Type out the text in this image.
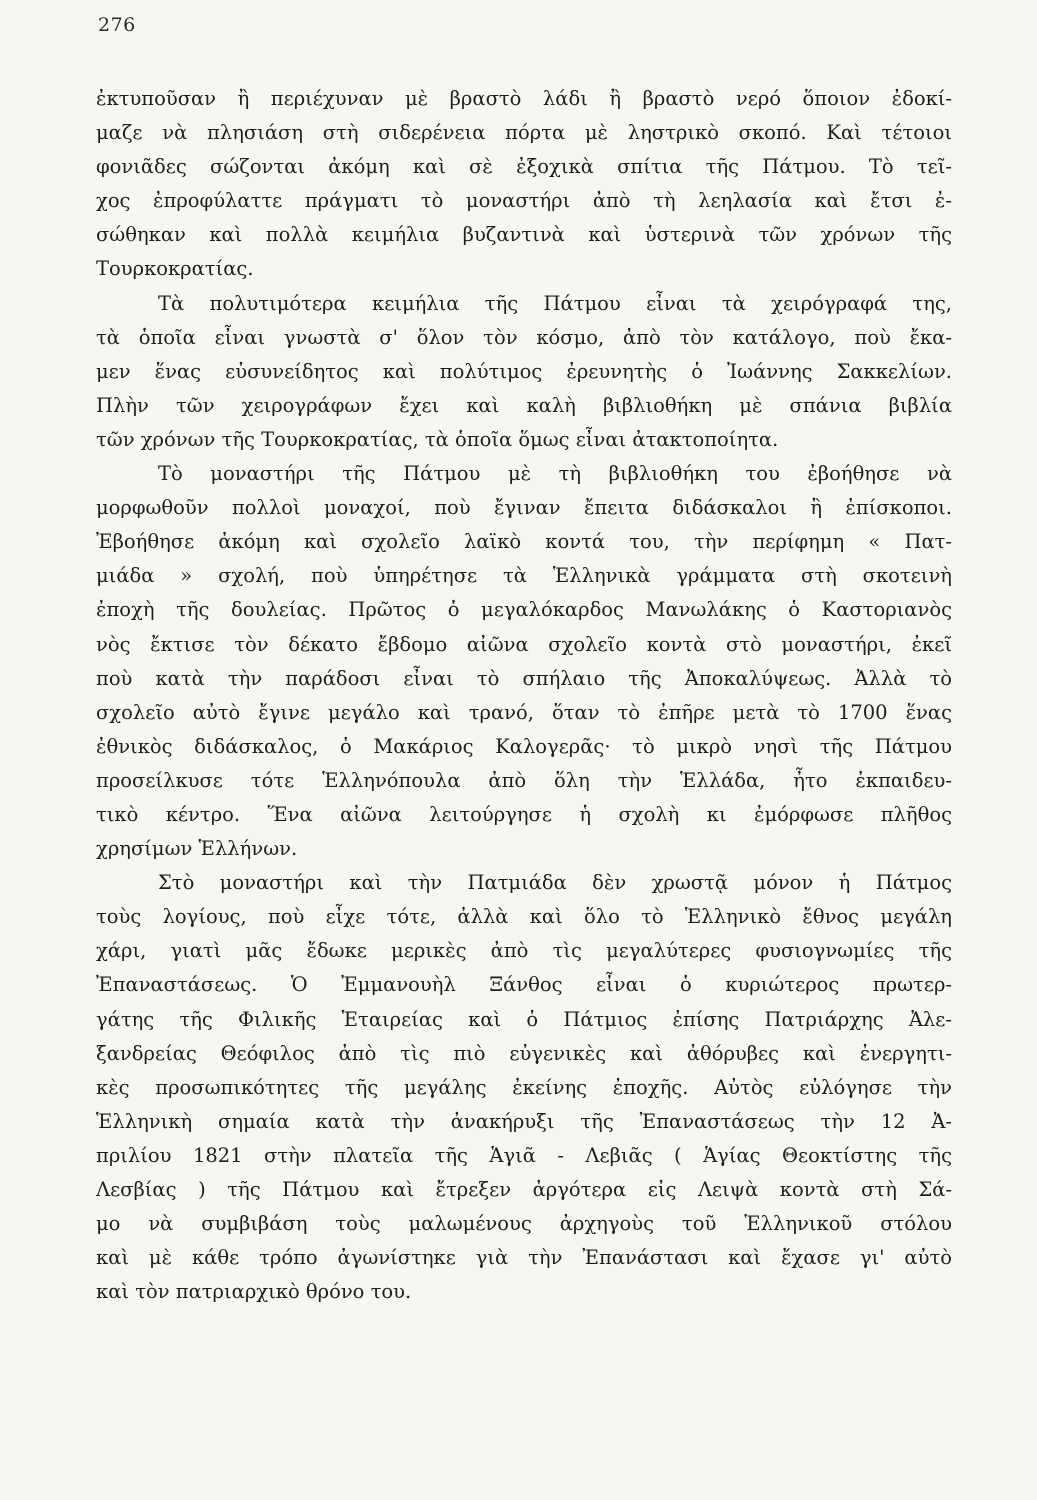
276
ἐκτυποῦσαν ἢ περιέχυναν μὲ βραστὸ λάδι ἢ βραστὸ νερό ὅποιον ἐδοκί-
μαζε νὰ πλησιάση στὴ σιδερένεια πόρτα μὲ ληστρικὸ σκοπό. Καὶ τέτοιοι
φονιᾶδες σώζονται ἀκόμη καὶ σὲ ἐξοχικὰ σπίτια τῆς Πάτμου. Τὸ τεῖ-
χος ἐπροφύλαττε πράγματι τὸ μοναστήρι ἀπὸ τὴ λεηλασία καὶ ἔτσι ἐ-
σώθηκαν καὶ πολλὰ κειμήλια βυζαντινὰ καὶ ὑστερινὰ τῶν χρόνων τῆς
Τουρκοκρατίας.
Τὰ πολυτιμότερα κειμήλια τῆς Πάτμου εἶναι τὰ χειρόγραφά της,
τὰ ὁποῖα εἶναι γνωστὰ σ' ὅλον τὸν κόσμο, ἀπὸ τὸν κατάλογο, ποὺ ἔκα-
μεν ἕνας εὐσυνείδητος καὶ πολύτιμος ἐρευνητὴς ὁ Ἰωάννης Σακκελίων.
Πλὴν τῶν χειρογράφων ἔχει καὶ καλὴ βιβλιοθήκη μὲ σπάνια βιβλία
τῶν χρόνων τῆς Τουρκοκρατίας, τὰ ὁποῖα ὅμως εἶναι ἀτακτοποίητα.
Τὸ μοναστήρι τῆς Πάτμου μὲ τὴ βιβλιοθήκη του ἐβοήθησε νὰ
μορφωθοῦν πολλοὶ μοναχοί, ποὺ ἔγιναν ἔπειτα διδάσκαλοι ἢ ἐπίσκοποι.
Ἐβοήθησε ἀκόμη καὶ σχολεῖο λαϊκὸ κοντά του, τὴν περίφημη « Πατ-
μιάδα » σχολή, ποὺ ὑπηρέτησε τὰ Ἑλληνικὰ γράμματα στὴ σκοτεινὴ
ἐποχὴ τῆς δουλείας. Πρῶτος ὁ μεγαλόκαρδος Μανωλάκης ὁ Καστοριανὸς
νὸς ἔκτισε τὸν δέκατο ἔβδομο αἰῶνα σχολεῖο κοντὰ στὸ μοναστήρι, ἐκεῖ
ποὺ κατὰ τὴν παράδοσι εἶναι τὸ σπήλαιο τῆς Ἀποκαλύψεως. Ἀλλὰ τὸ
σχολεῖο αὐτὸ ἔγινε μεγάλο καὶ τρανό, ὅταν τὸ ἐπῆρε μετὰ τὸ 1700 ἕνας
ἐθνικὸς διδάσκαλος, ὁ Μακάριος Καλογερᾶς· τὸ μικρὸ νησὶ τῆς Πάτμου
προσείλκυσε τότε Ἑλληνόπουλα ἀπὸ ὅλη τὴν Ἑλλάδα, ἦτο ἐκπαιδευ-
τικὸ κέντρο. Ἕνα αἰῶνα λειτούργησε ἡ σχολὴ κι ἐμόρφωσε πλῆθος
χρησίμων Ἑλλήνων.
Στὸ μοναστήρι καὶ τὴν Πατμιάδα δὲν χρωστᾷ μόνον ἡ Πάτμος
τοὺς λογίους, ποὺ εἶχε τότε, ἀλλὰ καὶ ὅλο τὸ Ἑλληνικὸ ἔθνος μεγάλη
χάρι, γιατὶ μᾶς ἔδωκε μερικὲς ἀπὸ τὶς μεγαλύτερες φυσιογνωμίες τῆς
Ἐπαναστάσεως. Ὁ Ἐμμανουὴλ Ξάνθος εἶναι ὁ κυριώτερος πρωτερ-
γάτης τῆς Φιλικῆς Ἑταιρείας καὶ ὁ Πάτμιος ἐπίσης Πατριάρχης Ἀλε-
ξανδρείας Θεόφιλος ἀπὸ τὶς πιὸ εὐγενικὲς καὶ ἀθόρυβες καὶ ἐνεργητι-
κὲς προσωπικότητες τῆς μεγάλης ἐκείνης ἐποχῆς. Αὐτὸς εὐλόγησε τὴν
Ἑλληνικὴ σημαία κατὰ τὴν ἀνακήρυξι τῆς Ἐπαναστάσεως τὴν 12 Ἀ-
πριλίου 1821 στὴν πλατεῖα τῆς Ἁγιᾶ - Λεβιᾶς ( Ἁγίας Θεοκτίστης τῆς
Λεσβίας ) τῆς Πάτμου καὶ ἔτρεξεν ἀργότερα εἰς Λειψὰ κοντὰ στὴ Σά-
μο νὰ συμβιβάση τοὺς μαλωμένους ἀρχηγοὺς τοῦ Ἑλληνικοῦ στόλου
καὶ μὲ κάθε τρόπο ἀγωνίστηκε γιὰ τὴν Ἐπανάστασι καὶ ἔχασε γι' αὐτὸ
καὶ τὸν πατριαρχικὸ θρόνο του.
